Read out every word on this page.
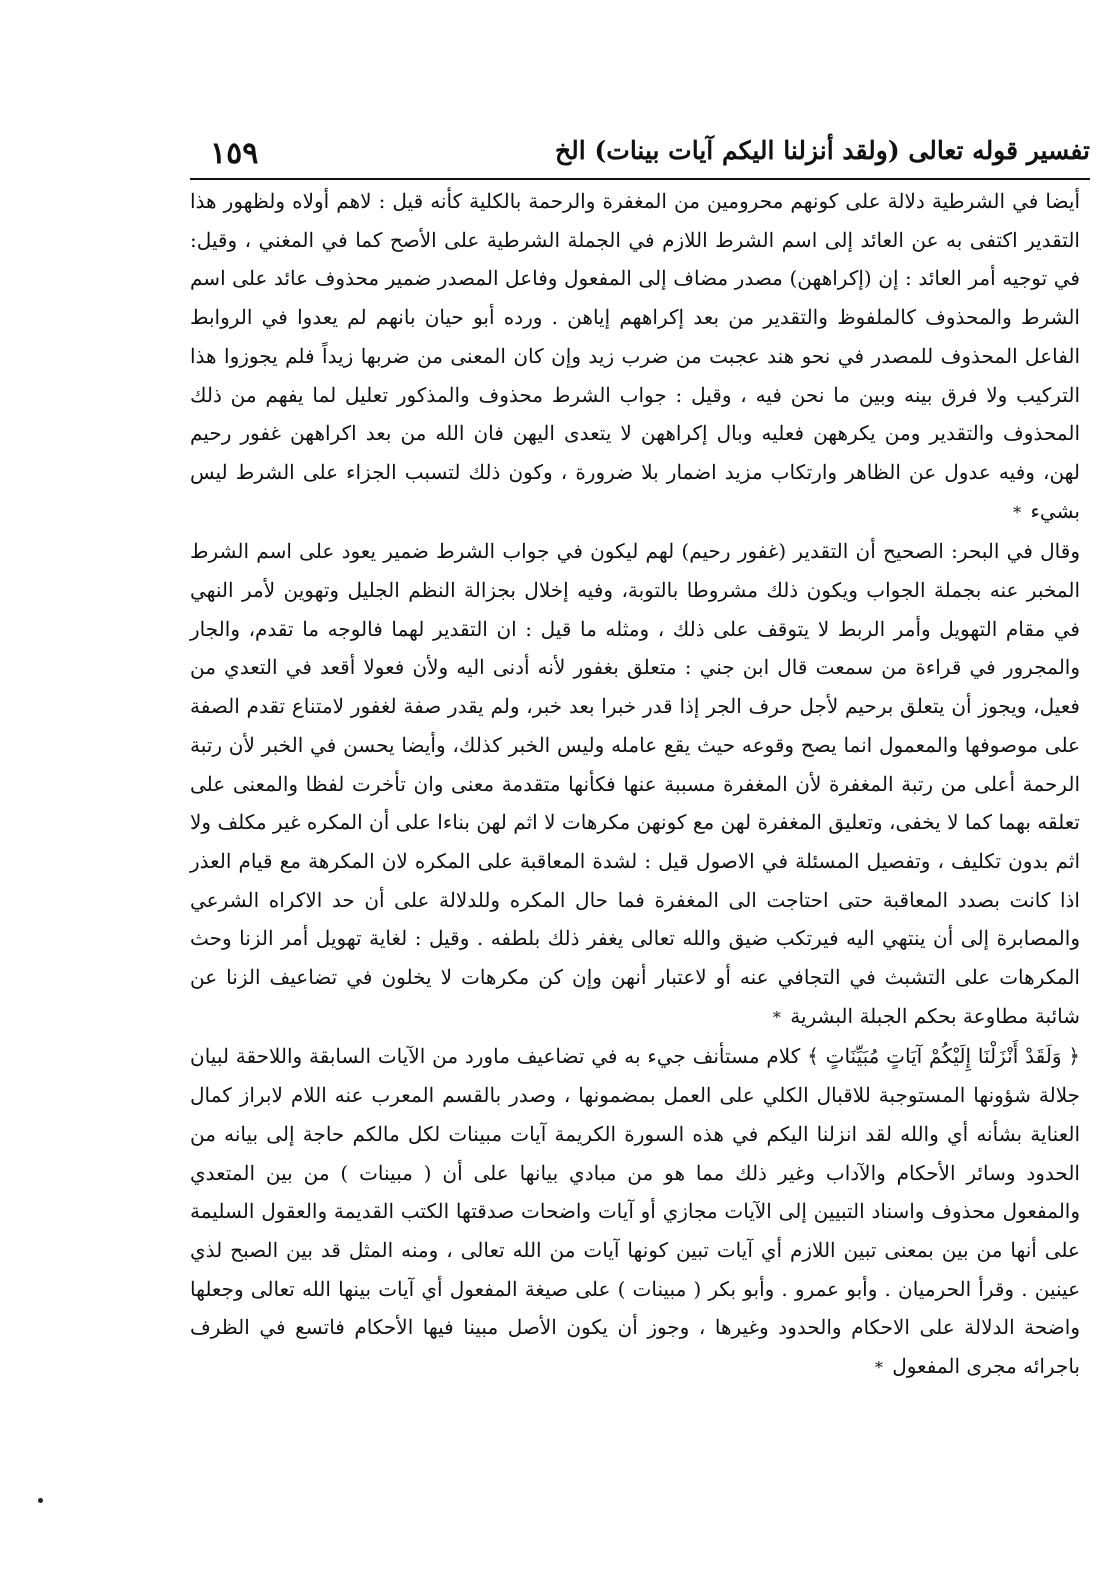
تفسير قوله تعالى (ولقد أنزلنا اليكم آيات بينات) الخ
١٥٩

أيضا في الشرطية دلالة على كونهم محرومين من المغفرة والرحمة بالكلية كأنه قيل : لاهم أولاه ولظهور هذا التقدير اكتفى به عن العائد إلى اسم الشرط اللازم في الجملة الشرطية على الأصح كما في المغني ، وقيل: في توجيه أمر العائد : إن (إكراههن) مصدر مضاف إلى المفعول وفاعل المصدر ضمير محذوف عائد على اسم الشرط والمحذوف كالملفوظ والتقدير من بعد إكراههم إياهن . ورده أبو حيان بانهم لم يعدوا في الروابط الفاعل المحذوف للمصدر في نحو هند عجبت من ضرب زيد وإن كان المعنى من ضربها زيداً فلم يجوزوا هذا التركيب ولا فرق بينه وبين ما نحن فيه ، وقيل : جواب الشرط محذوف والمذكور تعليل لما يفهم من ذلك المحذوف والتقدير ومن يكرههن فعليه وبال إكراههن لا يتعدى اليهن فان الله من بعد اكراههن غفور رحيم لهن، وفيه عدول عن الظاهر وارتكاب مزيد اضمار بلا ضرورة ، وكون ذلك لتسبب الجزاء على الشرط ليس بشيء *

وقال في البحر: الصحيح أن التقدير (غفور رحيم) لهم ليكون في جواب الشرط ضمير يعود على اسم الشرط المخبر عنه بجملة الجواب ويكون ذلك مشروطا بالتوبة، وفيه إخلال بجزالة النظم الجليل وتهوين لأمر النهي في مقام التهويل وأمر الربط لا يتوقف على ذلك ، ومثله ما قيل : ان التقدير لهما فالوجه ما تقدم، والجار والمجرور في قراءة من سمعت قال ابن جني : متعلق بغفور لأنه أدنى اليه ولأن فعولا أقعد في التعدي من فعيل، ويجوز أن يتعلق برحيم لأجل حرف الجر إذا قدر خبرا بعد خبر، ولم يقدر صفة لغفور لامتناع تقدم الصفة على موصوفها والمعمول انما يصح وقوعه حيث يقع عامله وليس الخبر كذلك، وأيضا يحسن في الخبر لأن رتبة الرحمة أعلى من رتبة المغفرة لأن المغفرة مسببة عنها فكأنها متقدمة معنى وان تأخرت لفظا والمعنى على تعلقه بهما كما لا يخفى، وتعليق المغفرة لهن مع كونهن مكرهات لا اثم لهن بناءا على أن المكره غير مكلف ولا اثم بدون تكليف ، وتفصيل المسئلة في الاصول قيل : لشدة المعاقبة على المكره لان المكرهة مع قيام العذر اذا كانت بصدد المعاقبة حتى احتاجت الى المغفرة فما حال المكره وللدلالة على أن حد الاكراه الشرعي والمصابرة إلى أن ينتهي اليه فيرتكب ضيق والله تعالى يغفر ذلك بلطفه . وقيل : لغاية تهويل أمر الزنا وحث المكرهات على التشبث في التجافي عنه أو لاعتبار أنهن وإن كن مكرهات لا يخلون في تضاعيف الزنا عن شائبة مطاوعة بحكم الجبلة البشرية *

﴿ وَلَقَدْ أَنْزَلْنَا إِلَيْكُمْ آيَاتٍ مُبَيِّنَاتٍ ﴾ كلام مستأنف جيء به في تضاعيف ماورد من الآيات السابقة واللاحقة لبيان جلالة شؤونها المستوجبة للاقبال الكلي على العمل بمضمونها ، وصدر بالقسم المعرب عنه اللام لابراز كمال العناية بشأنه أي والله لقد انزلنا اليكم في هذه السورة الكريمة آيات مبينات لكل مالكم حاجة إلى بيانه من الحدود وسائر الأحكام والآداب وغير ذلك مما هو من مبادي بيانها على أن ( مبينات ) من بين المتعدي والمفعول محذوف واسناد التبيين إلى الآيات مجازي أو آيات واضحات صدقتها الكتب القديمة والعقول السليمة على أنها من بين بمعنى تبين اللازم أي آيات تبين كونها آيات من الله تعالى ، ومنه المثل قد بين الصبح لذي عينين . وقرأ الحرميان . وأبو عمرو . وأبو بكر ( مبينات ) على صيغة المفعول أي آيات بينها الله تعالى وجعلها واضحة الدلالة على الاحكام والحدود وغيرها ، وجوز أن يكون الأصل مبينا فيها الأحكام فاتسع في الظرف باجرائه مجرى المفعول *
